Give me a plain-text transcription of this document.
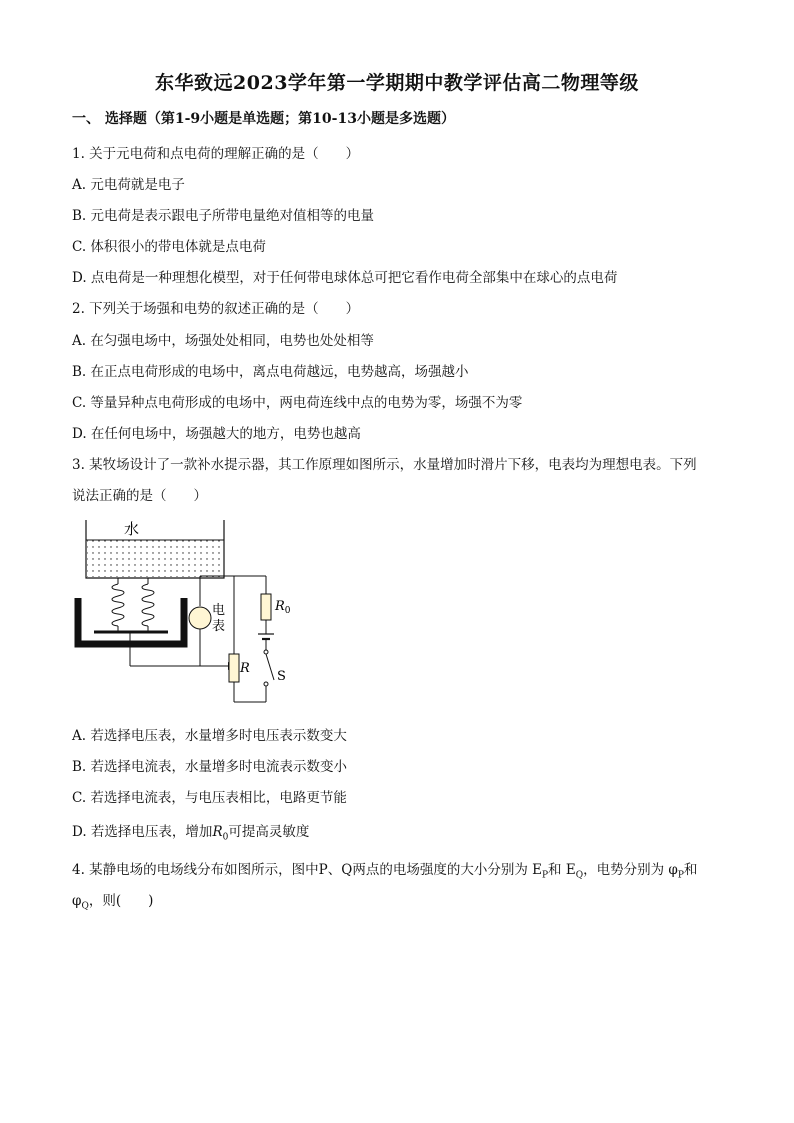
东华致远2023学年第一学期期中教学评估高二物理等级
一、 选择题（第1-9小题是单选题；第10-13小题是多选题）
1. 关于元电荷和点电荷的理解正确的是（　　）
A. 元电荷就是电子
B. 元电荷是表示跟电子所带电量绝对值相等的电量
C. 体积很小的带电体就是点电荷
D. 点电荷是一种理想化模型，对于任何带电球体总可把它看作电荷全部集中在球心的点电荷
2. 下列关于场强和电势的叙述正确的是（　　）
A. 在匀强电场中，场强处处相同，电势也处处相等
B. 在正点电荷形成的电场中，离点电荷越远，电势越高，场强越小
C. 等量异种点电荷形成的电场中，两电荷连线中点的电势为零，场强不为零
D. 在任何电场中，场强越大的地方，电势也越高
3. 某牧场设计了一款补水提示器，其工作原理如图所示，水量增加时滑片下移，电表均为理想电表。下列
说法正确的是（　　）
水
电
表
R
$R_0$
S
A. 若选择电压表，水量增多时电压表示数变大
B. 若选择电流表，水量增多时电流表示数变小
C. 若选择电流表，与电压表相比，电路更节能
D. 若选择电压表，增加$R_0$可提高灵敏度
4. 某静电场的电场线分布如图所示，图中P、Q两点的电场强度的大小分别为 $E_P$和 $E_Q$，电势分别为 $\varphi_P$和
$\varphi_Q$，则(　　)
